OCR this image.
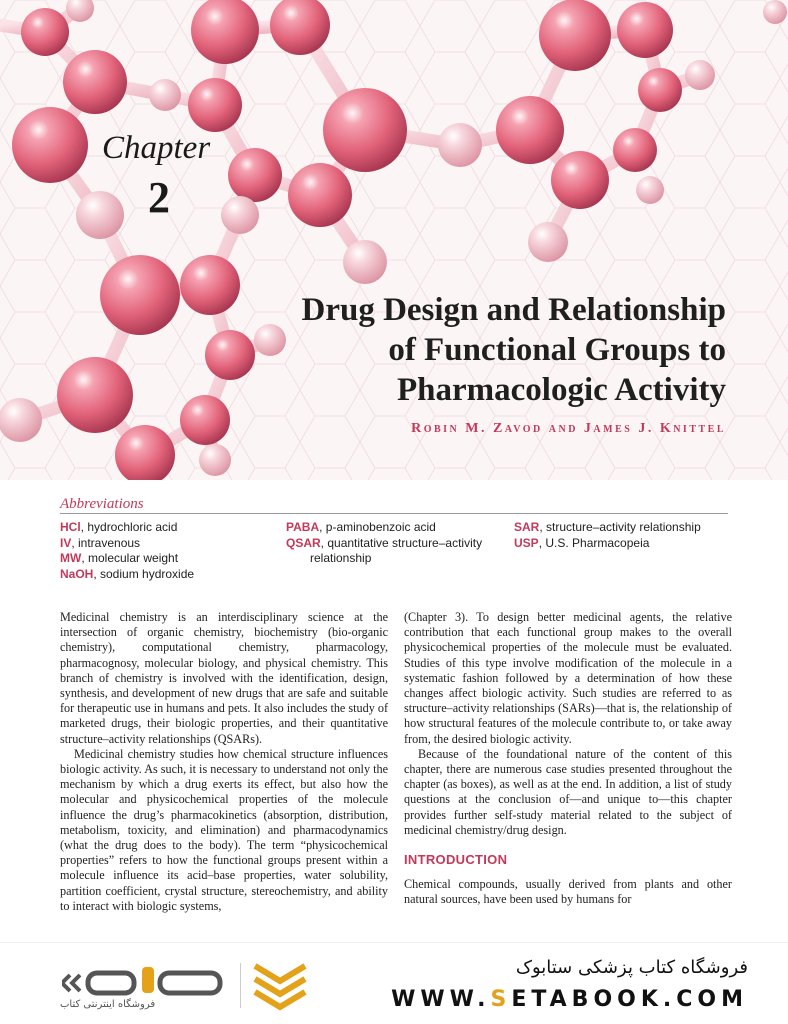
Chapter
2
Drug Design and Relationship
of Functional Groups to
Pharmacologic Activity
Robin M. Zavod and James J. Knittel
Abbreviations
HCl, hydrochloric acid
IV, intravenous
MW, molecular weight
NaOH, sodium hydroxide
PABA, p-aminobenzoic acid
QSAR, quantitative structure–activity
relationship
SAR, structure–activity relationship
USP, U.S. Pharmacopeia

Medicinal chemistry is an interdisciplinary science at the intersection of organic chemistry, biochemistry (bio-organic chemistry), computational chemistry, pharmacology, pharmacognosy, molecular biology, and physical chemistry. This branch of chemistry is involved with the identification, design, synthesis, and development of new drugs that are safe and suitable for therapeutic use in humans and pets. It also includes the study of marketed drugs, their biologic properties, and their quantitative structure–activity relationships (QSARs).

Medicinal chemistry studies how chemical structure influences biologic activity. As such, it is necessary to understand not only the mechanism by which a drug exerts its effect, but also how the molecular and physicochemical properties of the molecule influence the drug’s pharmacokinetics (absorption, distribution, metabolism, toxicity, and elimination) and pharmacodynamics (what the drug does to the body). The term “physicochemical properties” refers to how the functional groups present within a molecule influence its acid–base properties, water solubility, partition coefficient, crystal structure, stereochemistry, and ability to interact with biologic systems,

(Chapter 3). To design better medicinal agents, the relative contribution that each functional group makes to the overall physicochemical properties of the molecule must be evaluated. Studies of this type involve modification of the molecule in a systematic fashion followed by a determination of how these changes affect biologic activity. Such studies are referred to as structure–activity relationships (SARs)—that is, the relationship of how structural features of the molecule contribute to, or take away from, the desired biologic activity.

Because of the foundational nature of the content of this chapter, there are numerous case studies presented throughout the chapter (as boxes), as well as at the end. In addition, a list of study questions at the conclusion of—and unique to—this chapter provides further self-study material related to the subject of medicinal chemistry/drug design.

INTRODUCTION

Chemical compounds, usually derived from plants and other natural sources, have been used by humans for

فروشگاه اینترنتی کتاب
فروشگاه کتاب پزشکی ستابوک
WWW.SETABOOK.COM
